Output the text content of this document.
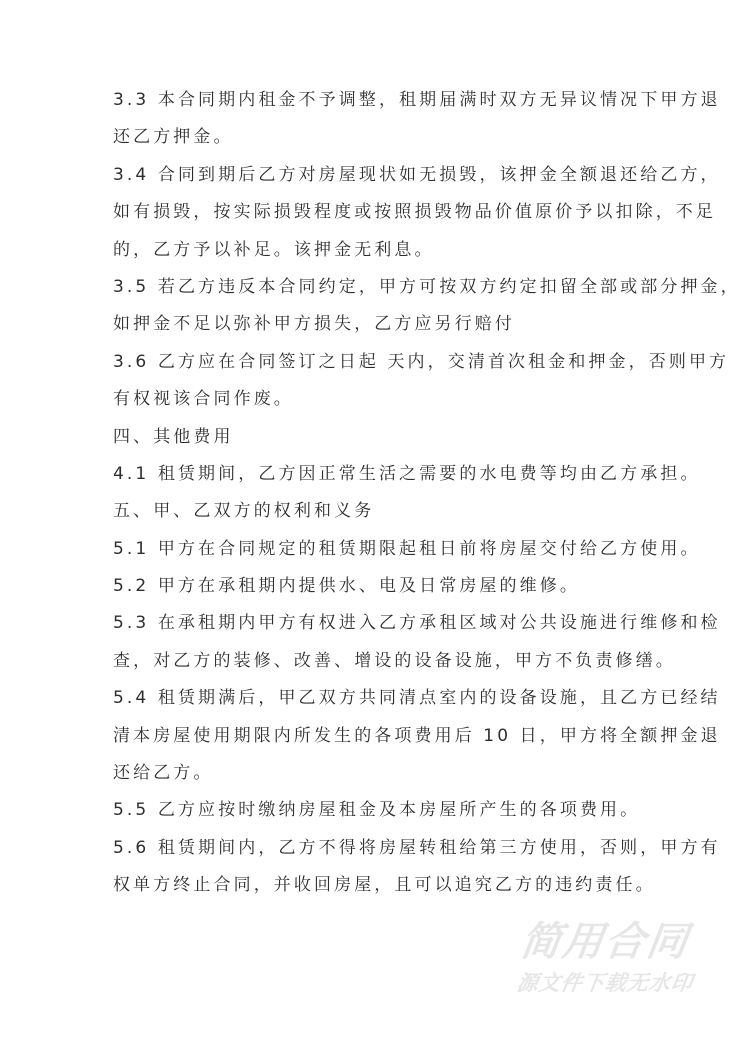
3.3 本合同期内租金不予调整，租期届满时双方无异议情况下甲方退
还乙方押金。
3.4 合同到期后乙方对房屋现状如无损毁，该押金全额退还给乙方，
如有损毁，按实际损毁程度或按照损毁物品价值原价予以扣除，不足
的，乙方予以补足。该押金无利息。
3.5 若乙方违反本合同约定，甲方可按双方约定扣留全部或部分押金，
如押金不足以弥补甲方损失，乙方应另行赔付
3.6 乙方应在合同签订之日起 天内，交清首次租金和押金，否则甲方
有权视该合同作废。
四、其他费用
4.1 租赁期间，乙方因正常生活之需要的水电费等均由乙方承担。
五、甲、乙双方的权利和义务
5.1 甲方在合同规定的租赁期限起租日前将房屋交付给乙方使用。
5.2 甲方在承租期内提供水、电及日常房屋的维修。
5.3 在承租期内甲方有权进入乙方承租区域对公共设施进行维修和检
查，对乙方的装修、改善、增设的设备设施，甲方不负责修缮。
5.4 租赁期满后，甲乙双方共同清点室内的设备设施，且乙方已经结
清本房屋使用期限内所发生的各项费用后 10 日，甲方将全额押金退
还给乙方。
5.5 乙方应按时缴纳房屋租金及本房屋所产生的各项费用。
5.6 租赁期间内，乙方不得将房屋转租给第三方使用，否则，甲方有
权单方终止合同，并收回房屋，且可以追究乙方的违约责任。
简用合同
源文件下载无水印
